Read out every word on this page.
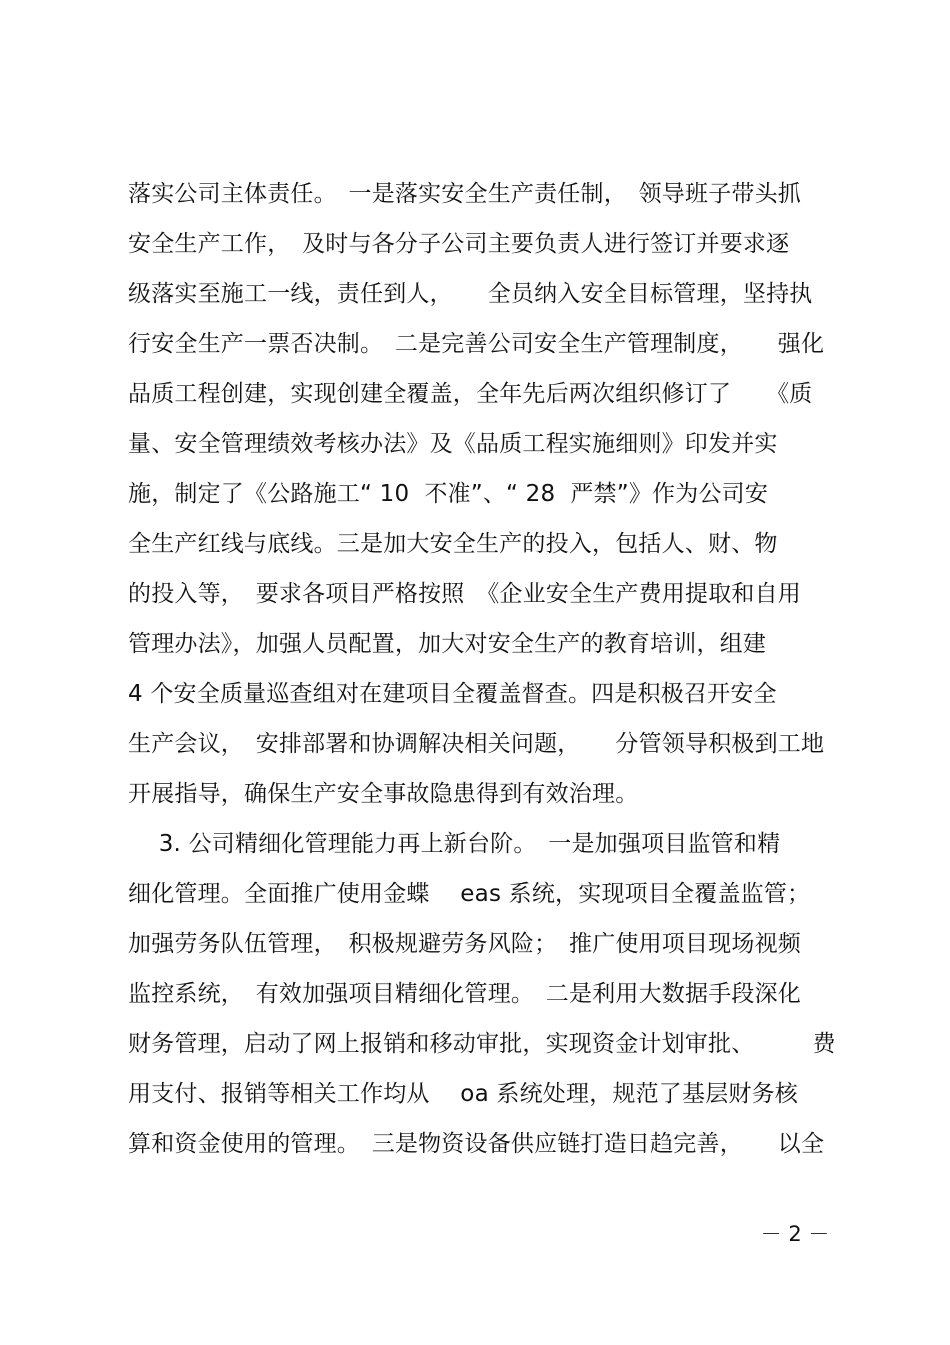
落实公司主体责任。　一是落实安全生产责任制，　领导班子带头抓
安全生产工作，　及时与各分子公司主要负责人进行签订并要求逐
级落实至施工一线，责任到人，　　全员纳入安全目标管理，坚持执
行安全生产一票否决制。　二是完善公司安全生产管理制度，　　强化
品质工程创建，实现创建全覆盖，全年先后两次组织修订了　　《质
量、安全管理绩效考核办法》及《品质工程实施细则》印发并实
施，制定了《公路施工“ 10  不准”、“ 28  严禁”》作为公司安
全生产红线与底线。三是加大安全生产的投入，包括人、财、物
的投入等，　要求各项目严格按照　《企业安全生产费用提取和自用
管理办法》，加强人员配置，加大对安全生产的教育培训，组建
4 个安全质量巡查组对在建项目全覆盖督查。四是积极召开安全
生产会议，　安排部署和协调解决相关问题，　　分管领导积极到工地
开展指导，确保生产安全事故隐患得到有效治理。
　 3. 公司精细化管理能力再上新台阶。　一是加强项目监管和精
细化管理。全面推广使用金蝶　 eas 系统，实现项目全覆盖监管；
加强劳务队伍管理，　积极规避劳务风险；　推广使用项目现场视频
监控系统，　有效加强项目精细化管理。　二是利用大数据手段深化
财务管理，启动了网上报销和移动审批，实现资金计划审批、　　　费
用支付、报销等相关工作均从　 oa 系统处理，规范了基层财务核
算和资金使用的管理。　三是物资设备供应链打造日趋完善，　　以全
－ 2 －
